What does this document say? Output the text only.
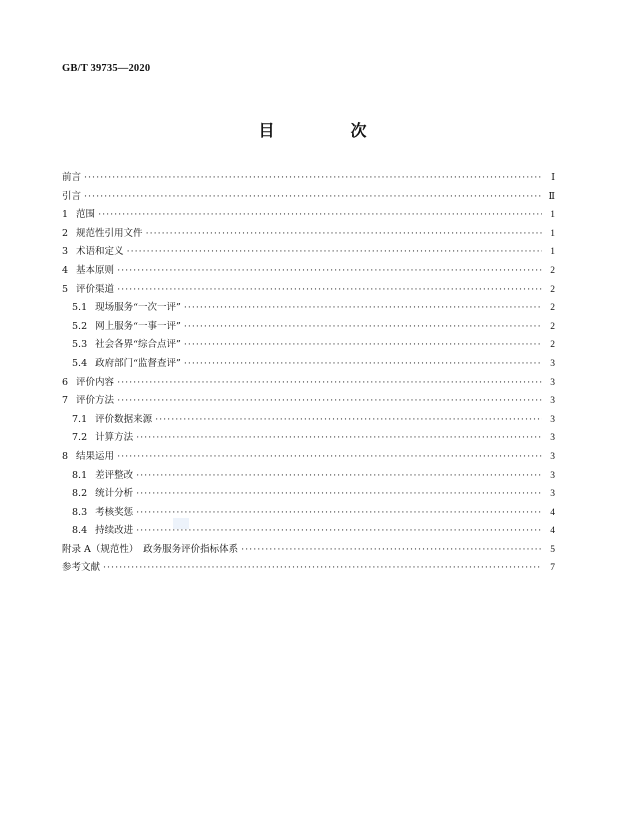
GB/T 39735—2020
目　次
前言 ·····	Ⅰ
引言 ·····	Ⅱ
1 范围 ·····	1
2 规范性引用文件 ·····	1
3 术语和定义 ·····	1
4 基本原则 ·····	2
5 评价渠道 ·····	2
5.1 现场服务“一次一评” ·····	2
5.2 网上服务“一事一评” ·····	2
5.3 社会各界“综合点评” ·····	2
5.4 政府部门“监督查评” ·····	3
6 评价内容 ·····	3
7 评价方法 ·····	3
7.1 评价数据来源 ·····	3
7.2 计算方法 ·····	3
8 结果运用 ·····	3
8.1 差评整改 ·····	3
8.2 统计分析 ·····	3
8.3 考核奖惩 ·····	4
8.4 持续改进 ·····	4
附录 A（规范性）　政务服务评价指标体系 ·····	5
参考文献 ·····	7
